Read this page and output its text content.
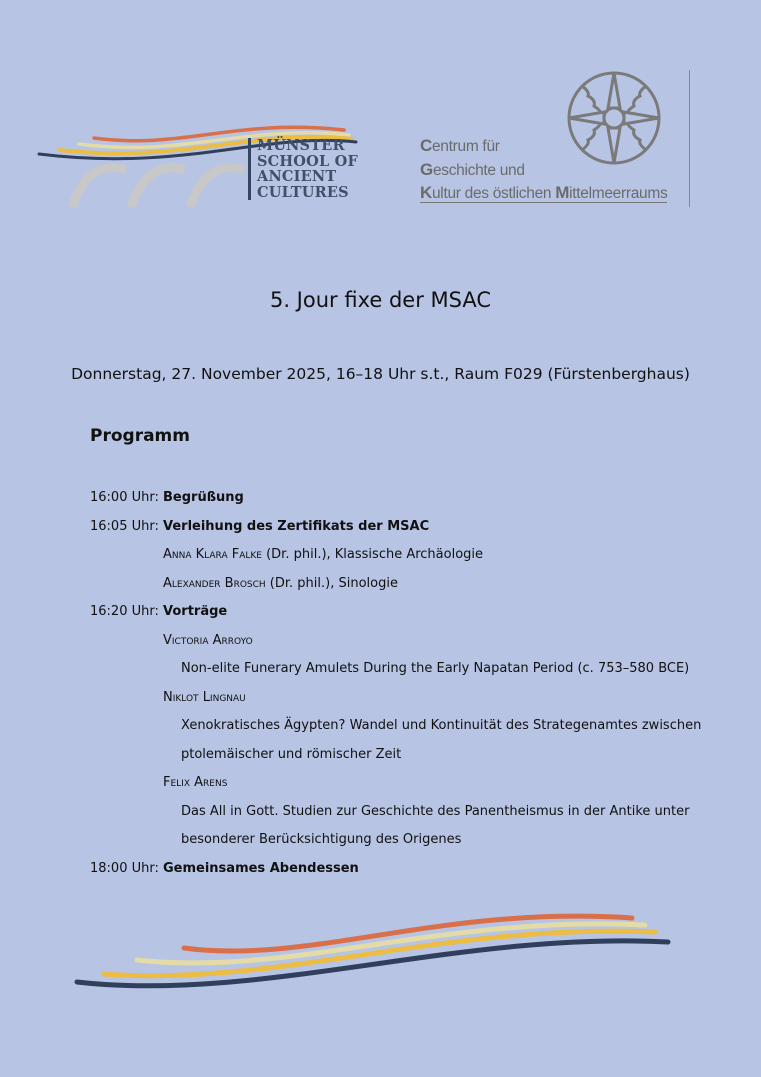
MÜNSTER
SCHOOL OF
ANCIENT
CULTURES
Centrum für
Geschichte und
Kultur des östlichen Mittelmeerraums
5. Jour fixe der MSAC
Donnerstag, 27. November 2025, 16–18 Uhr s.t., Raum F029 (Fürstenberghaus)
Programm
16:00 Uhr: Begrüßung
16:05 Uhr: Verleihung des Zertifikats der MSAC
Anna Klara Falke (Dr. phil.), Klassische Archäologie
Alexander Brosch (Dr. phil.), Sinologie
16:20 Uhr: Vorträge
Victoria Arroyo
Non-elite Funerary Amulets During the Early Napatan Period (c. 753–580 BCE)
Niklot Lingnau
Xenokratisches Ägypten? Wandel und Kontinuität des Strategenamtes zwischen
ptolemäischer und römischer Zeit
Felix Arens
Das All in Gott. Studien zur Geschichte des Panentheismus in der Antike unter
besonderer Berücksichtigung des Origenes
18:00 Uhr: Gemeinsames Abendessen
